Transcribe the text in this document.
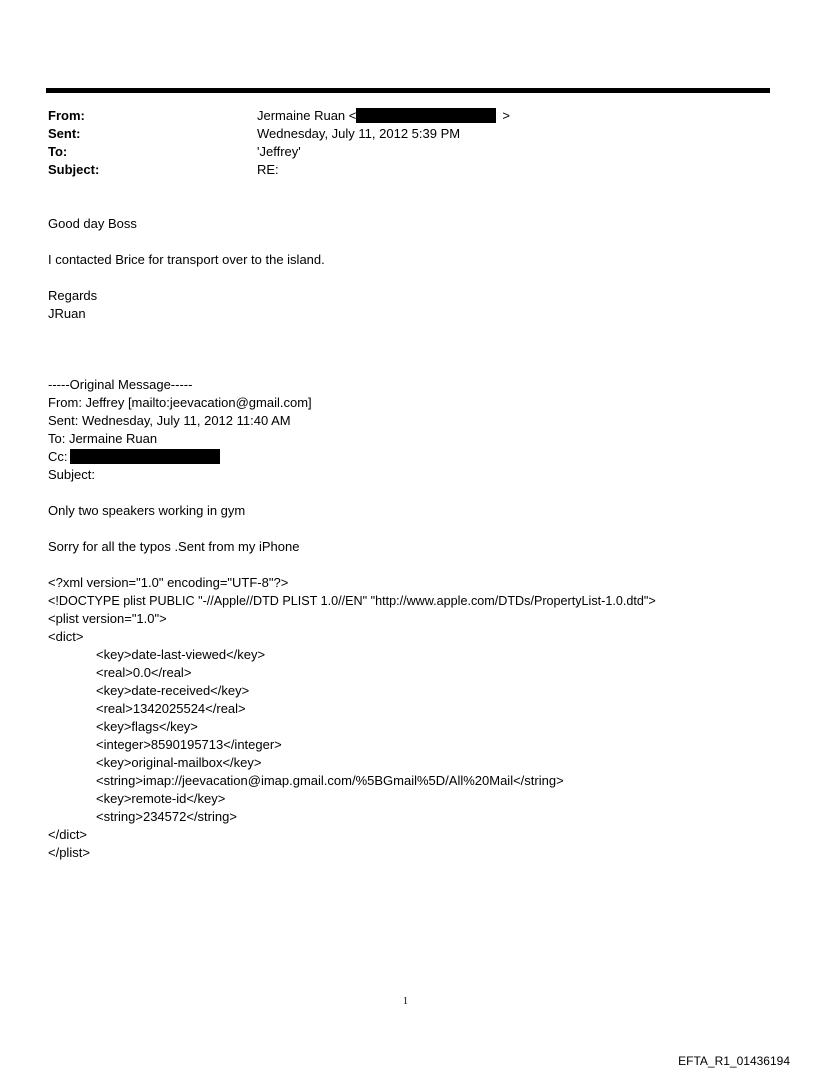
From:	Jermaine Ruan <	>
Sent:	Wednesday, July 11, 2012 5:39 PM
To:	'Jeffrey'
Subject:	RE:
Good day Boss
I contacted Brice for transport over to the island.
Regards
JRuan
-----Original Message-----
From: Jeffrey [mailto:jeevacation@gmail.com]
Sent: Wednesday, July 11, 2012 11:40 AM
To: Jermaine Ruan
Cc:
Subject:
Only two speakers working in gym
Sorry for all the typos .Sent from my iPhone
<?xml version="1.0" encoding="UTF-8"?>
<!DOCTYPE plist PUBLIC "-//Apple//DTD PLIST 1.0//EN" "http://www.apple.com/DTDs/PropertyList-1.0.dtd">
<plist version="1.0">
<dict>
<key>date-last-viewed</key>
<real>0.0</real>
<key>date-received</key>
<real>1342025524</real>
<key>flags</key>
<integer>8590195713</integer>
<key>original-mailbox</key>
<string>imap://jeevacation@imap.gmail.com/%5BGmail%5D/All%20Mail</string>
<key>remote-id</key>
<string>234572</string>
</dict>
</plist>
1
EFTA_R1_01436194
